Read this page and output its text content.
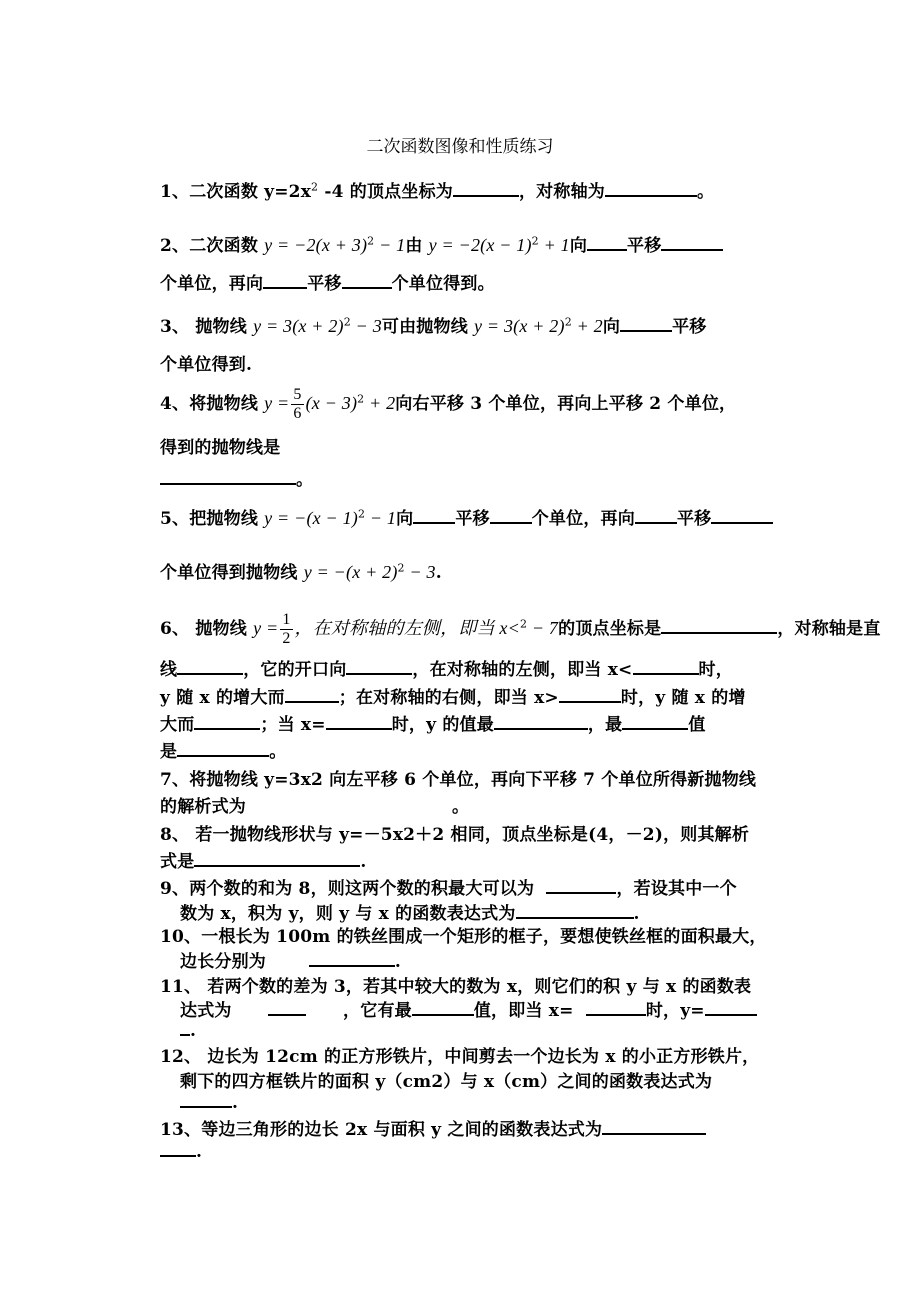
二次函数图像和性质练习
1、二次函数 $y=2x^2$ -4 的顶点坐标为	，对称轴为	。
2、二次函数 $y = -2(x + 3)^2 - 1$由 $y = -2(x - 1)^2 + 1$向 平移
个单位，再向	平移	个单位得到。
3、 抛物线 $y = 3(x + 2)^2 - 3$可由抛物线 $y = 3(x + 2)^2 + 2$向	平移
个单位得到.
4、将抛物线 $y = \frac{5}{6} (x - 3)^2 + 2$向右平移 3 个单位，再向上平移 2 个单位，
得到的抛物线是
。
5、把抛物线 $y = -(x - 1)^2 - 1$向 平移 个单位，再向 平移
个单位得到抛物线 $y = -(x + 2)^2 - 3$.
6、 抛物线 $y = \frac{1}{2}$ ，在对称轴的左侧，即当 x<$^2$ − 7的顶点坐标是	，对称轴是直
线	，它的开口向	，在对称轴的左侧，即当 x<	时，
y 随 x 的增大而	；在对称轴的右侧，即当 x>	时，y 随 x 的增
大而	；当 x=	时，y 的值最	，最	值
是	。
7、将抛物线 y=3x2 向左平移 6 个单位，再向下平移 7 个单位所得新抛物线
的解析式为	。
8、 若一抛物线形状与 y=－5x2＋2 相同，顶点坐标是(4，－2)，则其解析
式是	.
9、两个数的和为 8，则这两个数的积最大可以为	，若设其中一个
数为 x，积为 y，则 y 与 x 的函数表达式为	.
10、一根长为 100m 的铁丝围成一个矩形的框子，要想使铁丝框的面积最大，
边长分别为	.
11、 若两个数的差为 3，若其中较大的数为 x，则它们的积 y 与 x 的函数表
达式为	，它有最	值，即当 x=	时，y=
.
12、 边长为 12cm 的正方形铁片，中间剪去一个边长为 x 的小正方形铁片，
剩下的四方框铁片的面积 y（cm2）与 x（cm）之间的函数表达式为
.
13、等边三角形的边长 2x 与面积 y 之间的函数表达式为
.
